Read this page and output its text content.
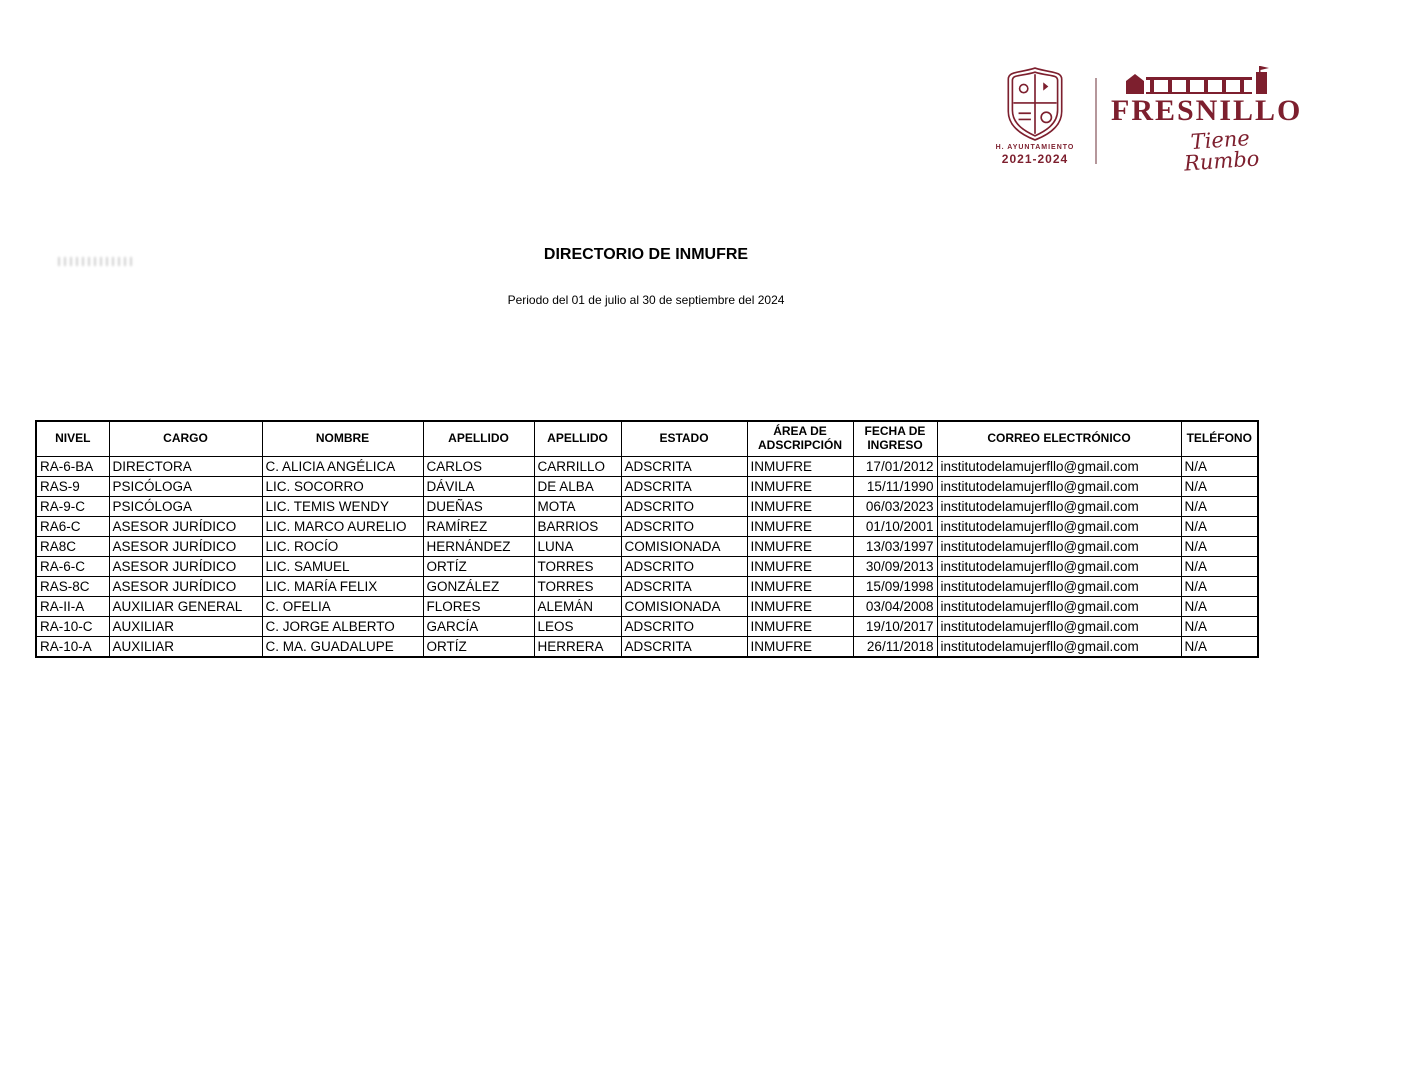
H. AYUNTAMIENTO
2021-2024
FRESNILLO
Tiene Rumbo
DIRECTORIO DE INMUFRE
Periodo del 01 de julio al 30 de septiembre del 2024
NIVEL	CARGO	NOMBRE	APELLIDO	APELLIDO	ESTADO	ÁREA DE ADSCRIPCIÓN	FECHA DE INGRESO	CORREO ELECTRÓNICO	TELÉFONO
RA-6-BA	DIRECTORA	C. ALICIA ANGÉLICA	CARLOS	CARRILLO	ADSCRITA	INMUFRE	17/01/2012	institutodelamujerfllo@gmail.com	N/A
RAS-9	PSICÓLOGA	LIC. SOCORRO	DÁVILA	DE ALBA	ADSCRITA	INMUFRE	15/11/1990	institutodelamujerfllo@gmail.com	N/A
RA-9-C	PSICÓLOGA	LIC. TEMIS WENDY	DUEÑAS	MOTA	ADSCRITO	INMUFRE	06/03/2023	institutodelamujerfllo@gmail.com	N/A
RA6-C	ASESOR JURÍDICO	LIC. MARCO AURELIO	RAMÍREZ	BARRIOS	ADSCRITO	INMUFRE	01/10/2001	institutodelamujerfllo@gmail.com	N/A
RA8C	ASESOR JURÍDICO	LIC. ROCÍO	HERNÁNDEZ	LUNA	COMISIONADA	INMUFRE	13/03/1997	institutodelamujerfllo@gmail.com	N/A
RA-6-C	ASESOR JURÍDICO	LIC. SAMUEL	ORTÍZ	TORRES	ADSCRITO	INMUFRE	30/09/2013	institutodelamujerfllo@gmail.com	N/A
RAS-8C	ASESOR JURÍDICO	LIC. MARÍA FELIX	GONZÁLEZ	TORRES	ADSCRITA	INMUFRE	15/09/1998	institutodelamujerfllo@gmail.com	N/A
RA-II-A	AUXILIAR GENERAL	C. OFELIA	FLORES	ALEMÁN	COMISIONADA	INMUFRE	03/04/2008	institutodelamujerfllo@gmail.com	N/A
RA-10-C	AUXILIAR	C. JORGE ALBERTO	GARCÍA	LEOS	ADSCRITO	INMUFRE	19/10/2017	institutodelamujerfllo@gmail.com	N/A
RA-10-A	AUXILIAR	C. MA. GUADALUPE	ORTÍZ	HERRERA	ADSCRITA	INMUFRE	26/11/2018	institutodelamujerfllo@gmail.com	N/A
